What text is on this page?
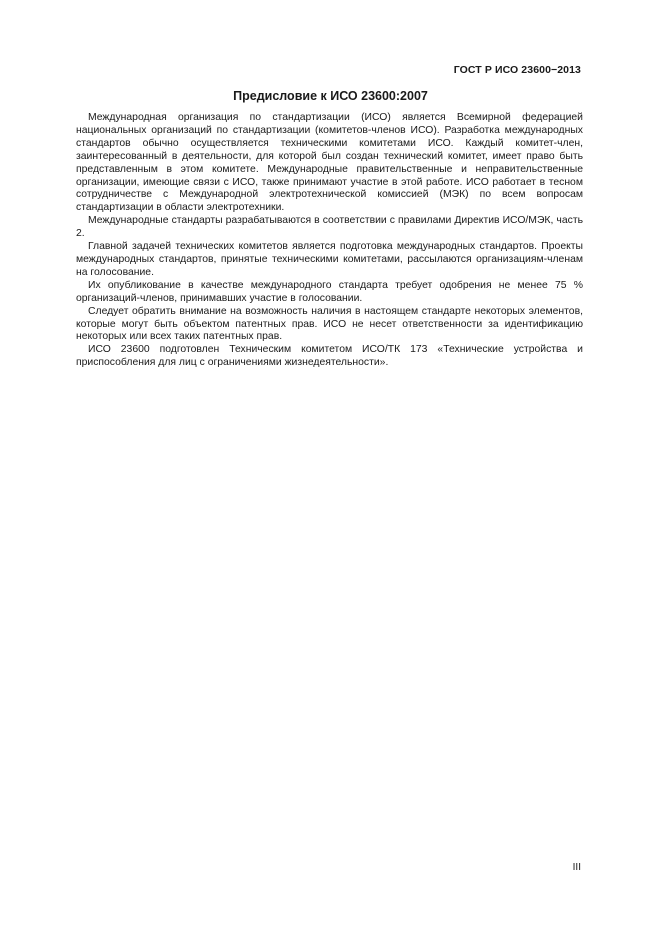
ГОСТ Р ИСО 23600−2013
Предисловие к ИСО 23600:2007

Международная организация по стандартизации (ИСО) является Всемирной федерацией национальных организаций по стандартизации (комитетов-членов ИСО). Разработка международных стандартов обычно осуществляется техническими комитетами ИСО. Каждый комитет-член, заинтересованный в деятельности, для которой был создан технический комитет, имеет право быть представленным в этом комитете. Международные правительственные и неправительственные организации, имеющие связи с ИСО, также принимают участие в этой работе. ИСО работает в тесном сотрудничестве с Международной электротехнической комиссией (МЭК) по всем вопросам стандартизации в области электротехники.

Международные стандарты разрабатываются в соответствии с правилами Директив ИСО/МЭК, часть 2.

Главной задачей технических комитетов является подготовка международных стандартов. Проекты международных стандартов, принятые техническими комитетами, рассылаются организациям-членам на голосование.

Их опубликование в качестве международного стандарта требует одобрения не менее 75 % организаций-членов, принимавших участие в голосовании.

Следует обратить внимание на возможность наличия в настоящем стандарте некоторых элементов, которые могут быть объектом патентных прав. ИСО не несет ответственности за идентификацию некоторых или всех таких патентных прав.

ИСО 23600 подготовлен Техническим комитетом ИСО/ТК 173 «Технические устройства и приспособления для лиц с ограничениями жизнедеятельности».

III
